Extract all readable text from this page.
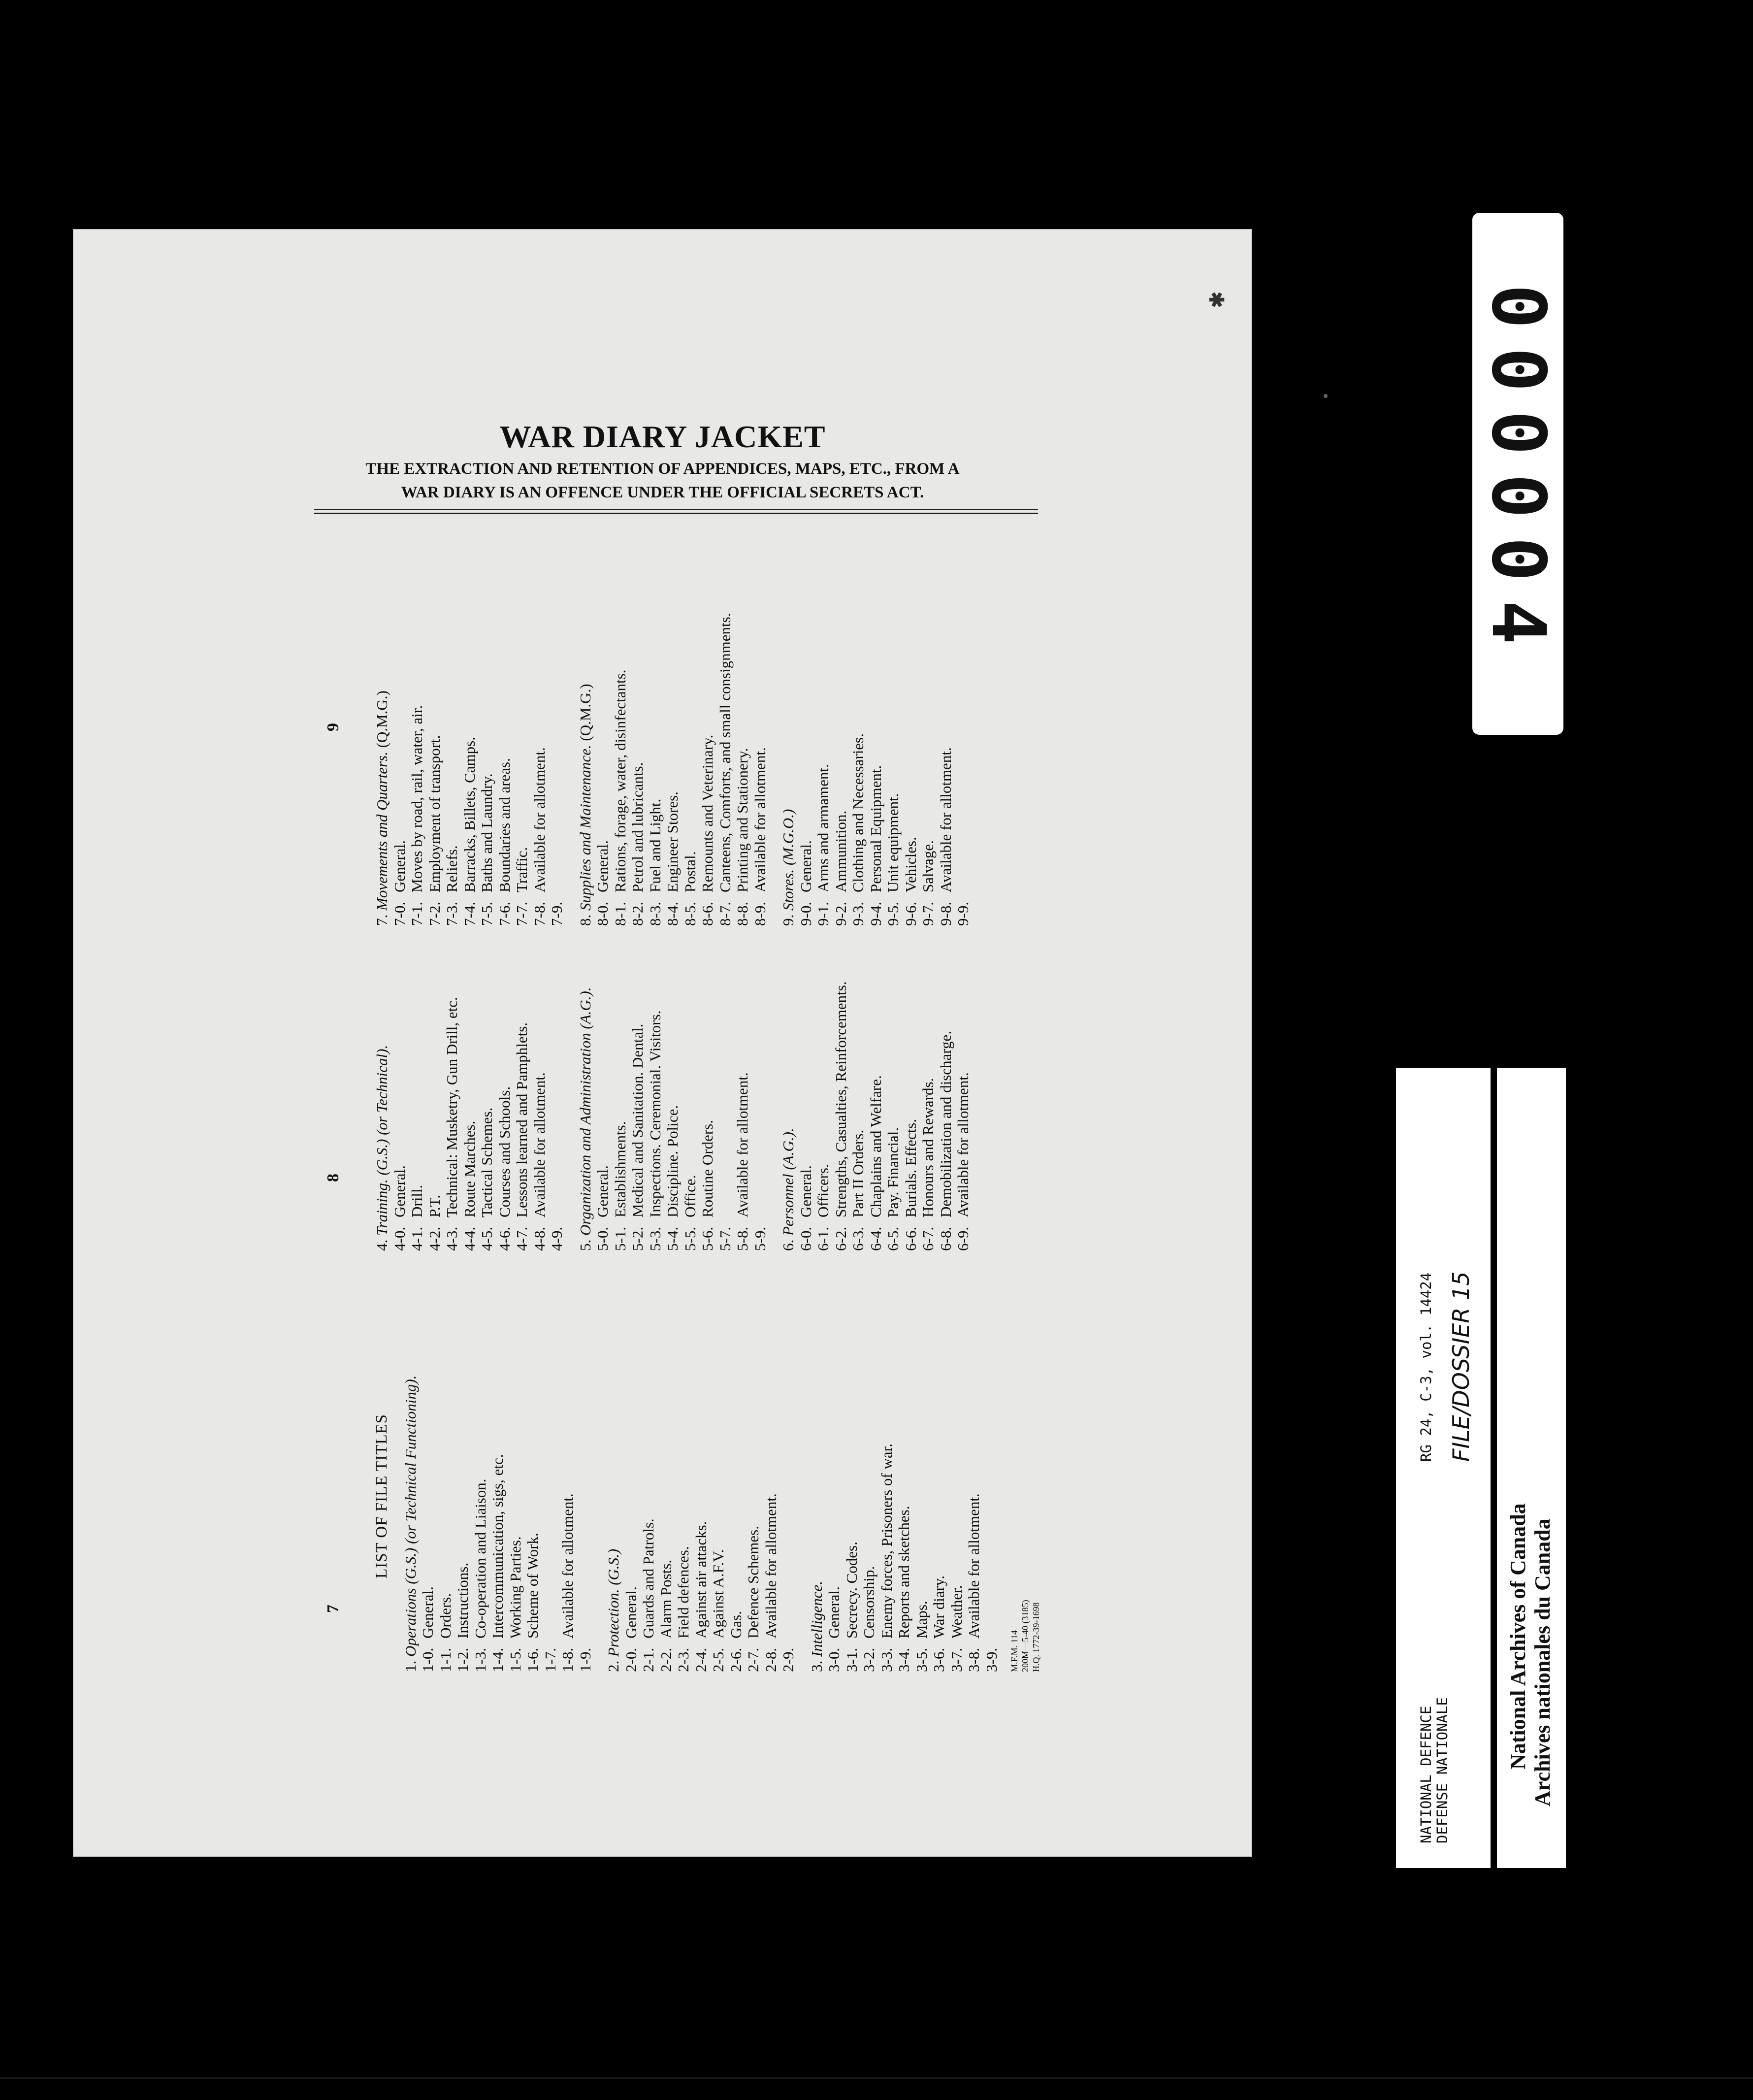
✱
WAR DIARY JACKET
THE EXTRACTION AND RETENTION OF APPENDICES, MAPS, ETC., FROM A
WAR DIARY IS AN OFFENCE UNDER THE OFFICIAL SECRETS ACT.
7
8
9
LIST OF FILE TITLES
1. Operations (G.S.) (or Technical Functioning).
1-0.General.
1-1.Orders.
1-2.Instructions.
1-3.Co-operation and Liaison.
1-4.Intercommunication, sigs, etc.
1-5.Working Parties.
1-6.Scheme of Work.
1-7. 1-8.Available for allotment.
1-9. 2. Protection. (G.S.)
2-0.General.
2-1.Guards and Patrols.
2-2.Alarm Posts.
2-3.Field defences.
2-4.Against air attacks.
2-5.Against A.F.V.
2-6.Gas.
2-7.Defence Schemes.
2-8.Available for allotment.
2-9. 3. Intelligence.
3-0.General.
3-1.Secrecy. Codes.
3-2.Censorship.
3-3.Enemy forces, Prisoners of war.
3-4.Reports and sketches.
3-5.Maps.
3-6.War diary.
3-7.Weather.
3-8.Available for allotment.
3-9. M.F.M. 114 200M—5-40 (3185) H.Q. 1772-39-1698
4. Training. (G.S.) (or Technical).
4-0.General.
4-1.Drill.
4-2.P.T.
4-3.Technical: Musketry, Gun Drill, etc.
4-4.Route Marches.
4-5.Tactical Schemes.
4-6.Courses and Schools.
4-7.Lessons learned and Pamphlets.
4-8.Available for allotment.
4-9. 5. Organization and Administration (A.G.).
5-0.General.
5-1.Establishments.
5-2.Medical and Sanitation. Dental.
5-3.Inspections. Ceremonial. Visitors.
5-4.Discipline. Police.
5-5.Office.
5-6.Routine Orders.
5-7. 5-8.Available for allotment.
5-9. 6. Personnel (A.G.).
6-0.General.
6-1.Officers.
6-2.Strengths, Casualties, Reinforcements.
6-3.Part II Orders.
6-4.Chaplains and Welfare.
6-5.Pay. Financial.
6-6.Burials. Effects.
6-7.Honours and Rewards.
6-8.Demobilization and discharge.
6-9.Available for allotment.
7. Movements and Quarters. (Q.M.G.)
7-0.General.
7-1.Moves by road, rail, water, air.
7-2.Employment of transport.
7-3.Reliefs.
7-4.Barracks, Billets, Camps.
7-5.Baths and Laundry.
7-6.Boundaries and areas.
7-7.Traffic.
7-8.Available for allotment.
7-9. 8. Supplies and Maintenance. (Q.M.G.)
8-0.General.
8-1.Rations, forage, water, disinfectants.
8-2.Petrol and lubricants.
8-3.Fuel and Light.
8-4.Engineer Stores.
8-5.Postal.
8-6.Remounts and Veterinary.
8-7.Canteens, Comforts, and small consignments.
8-8.Printing and Stationery.
8-9.Available for allotment.
9. Stores. (M.G.O.)
9-0.General.
9-1.Arms and armament.
9-2.Ammunition.
9-3.Clothing and Necessaries.
9-4.Personal Equipment.
9-5.Unit equipment.
9-6.Vehicles.
9-7.Salvage.
9-8.Available for allotment.
9-9.
000004
NATIONAL DEFENCE DEFENSE NATIONALE
RG 24, C-3, vol. 14424 FILE/DOSSIER 15
National Archives of Canada Archives nationales du Canada
